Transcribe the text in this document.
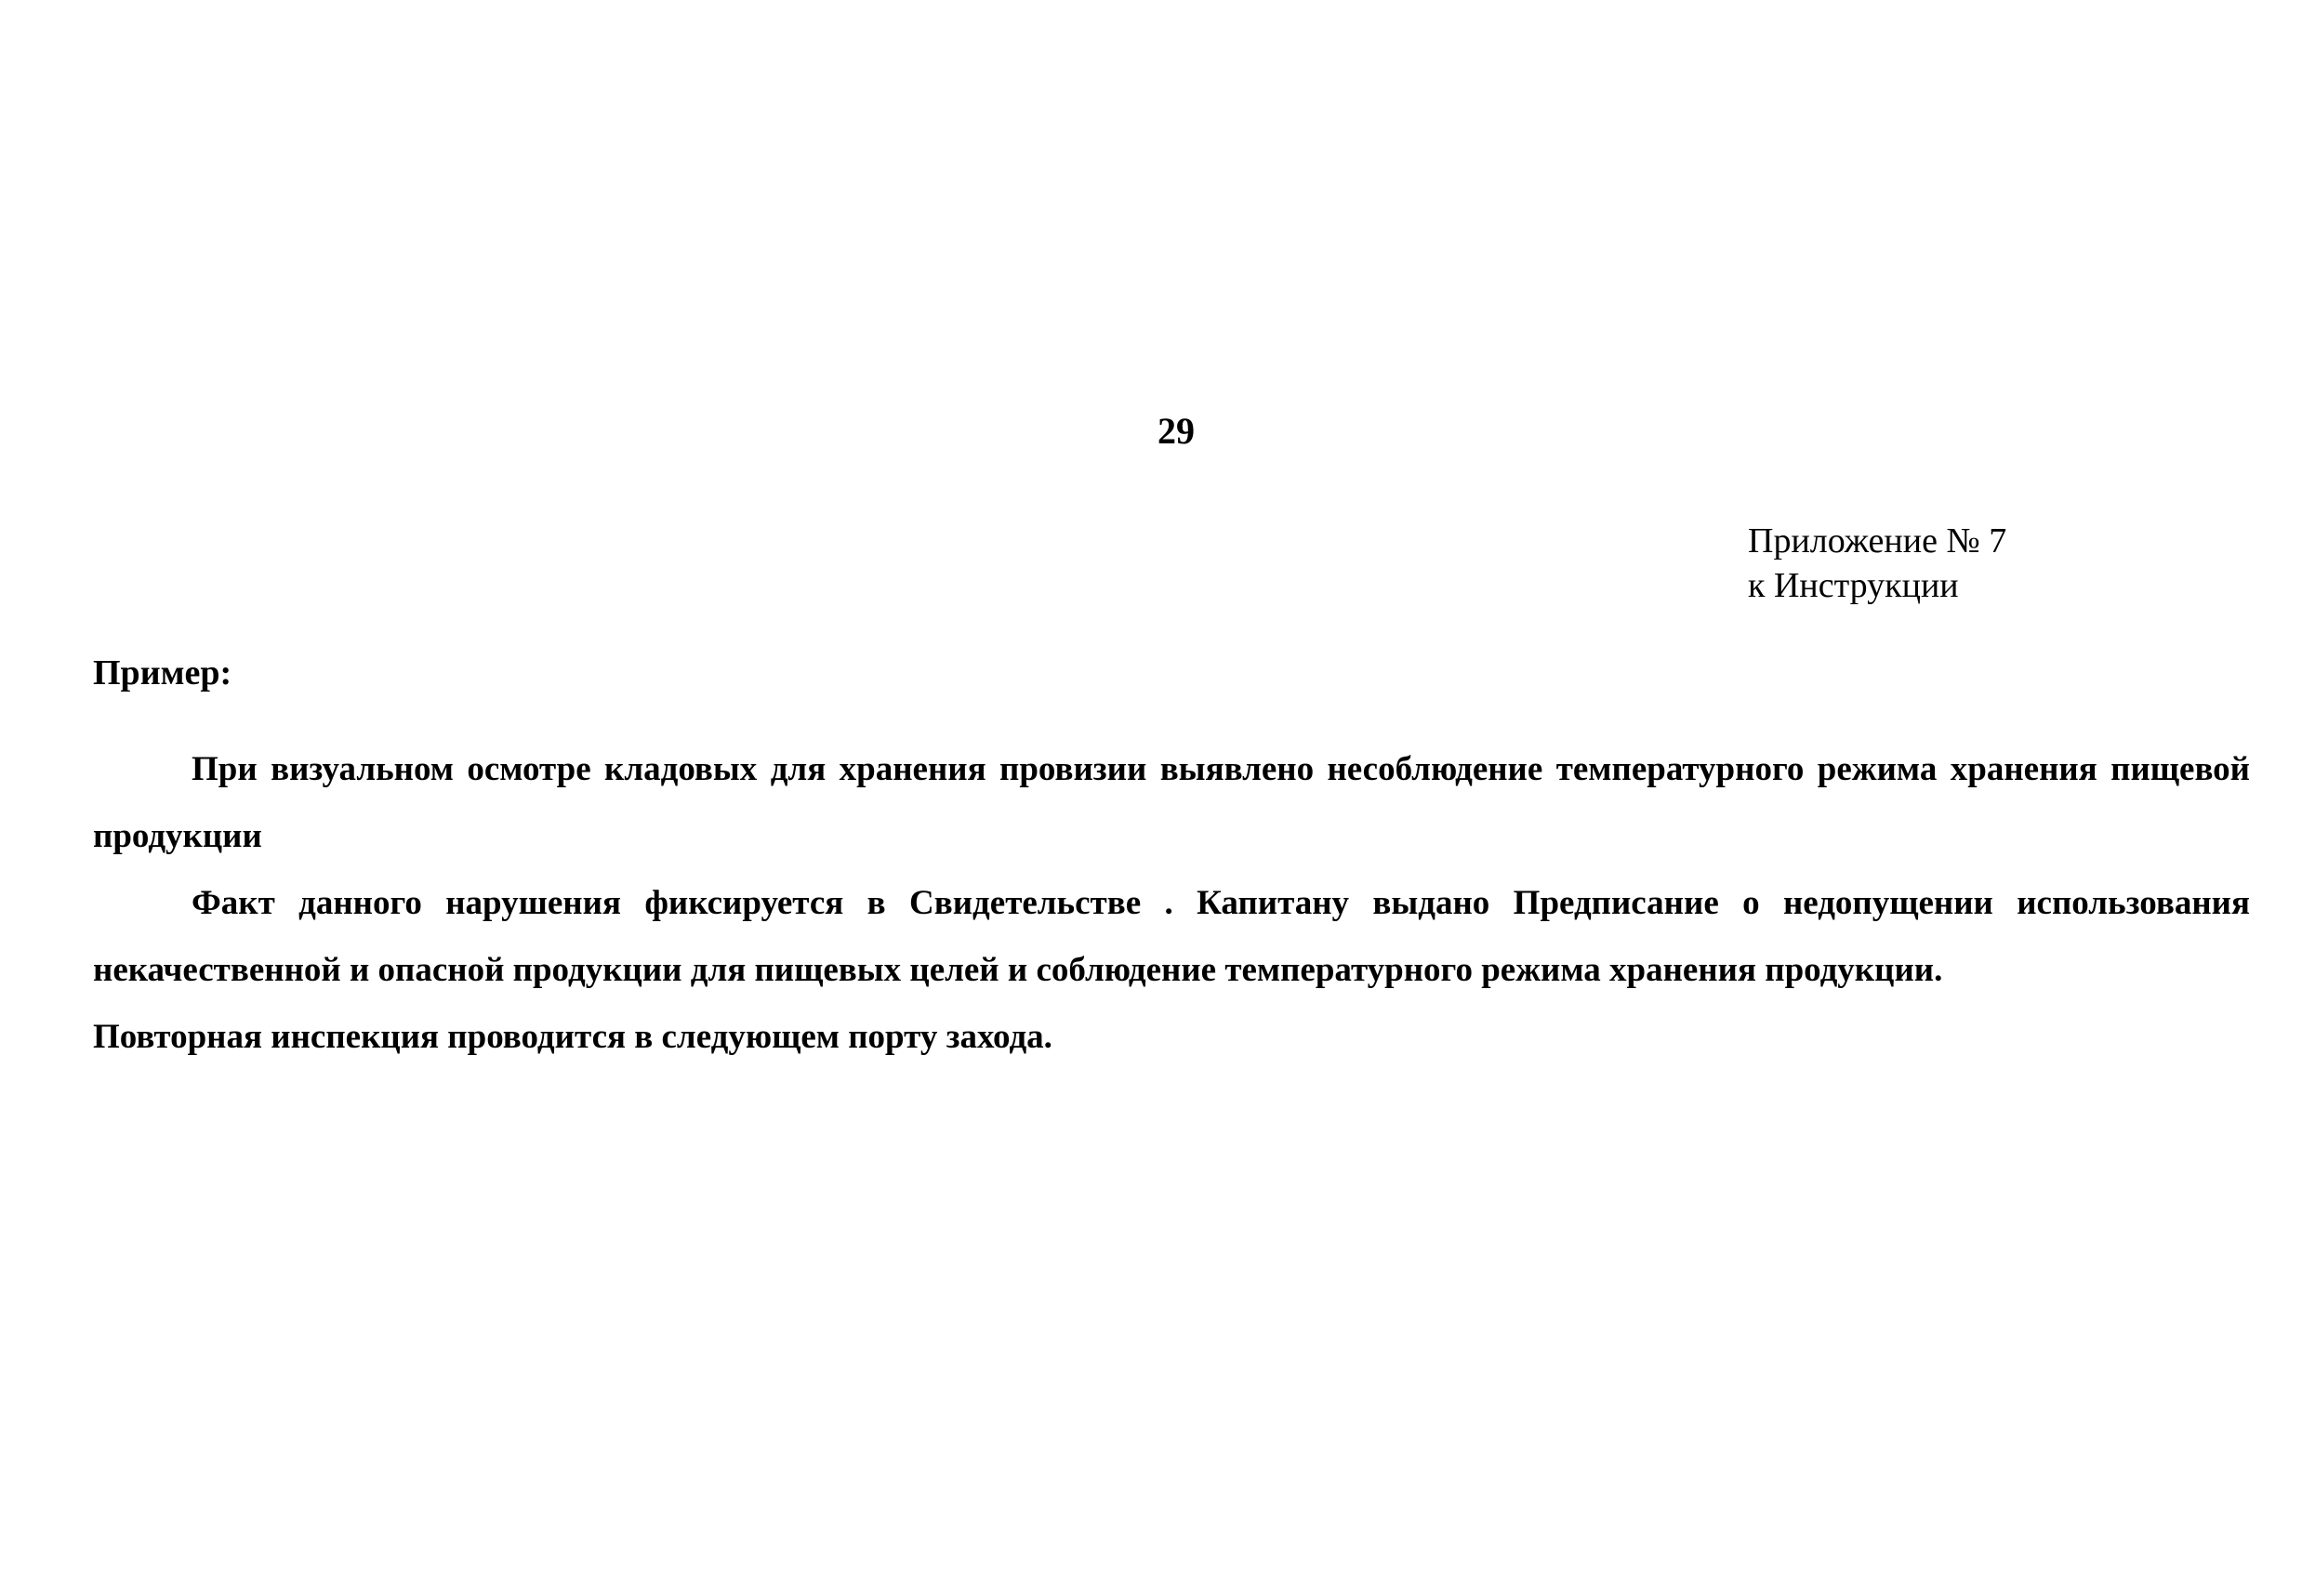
29
Приложение № 7
к Инструкции
Пример:

При визуальном осмотре кладовых для хранения провизии выявлено несоблюдение температурного режима хранения пищевой продукции

Факт данного нарушения фиксируется в Свидетельстве . Капитану выдано Предписание о недопущении использования некачественной и опасной продукции для пищевых целей и соблюдение температурного режима хранения продукции.

Повторная инспекция проводится в следующем порту захода.
